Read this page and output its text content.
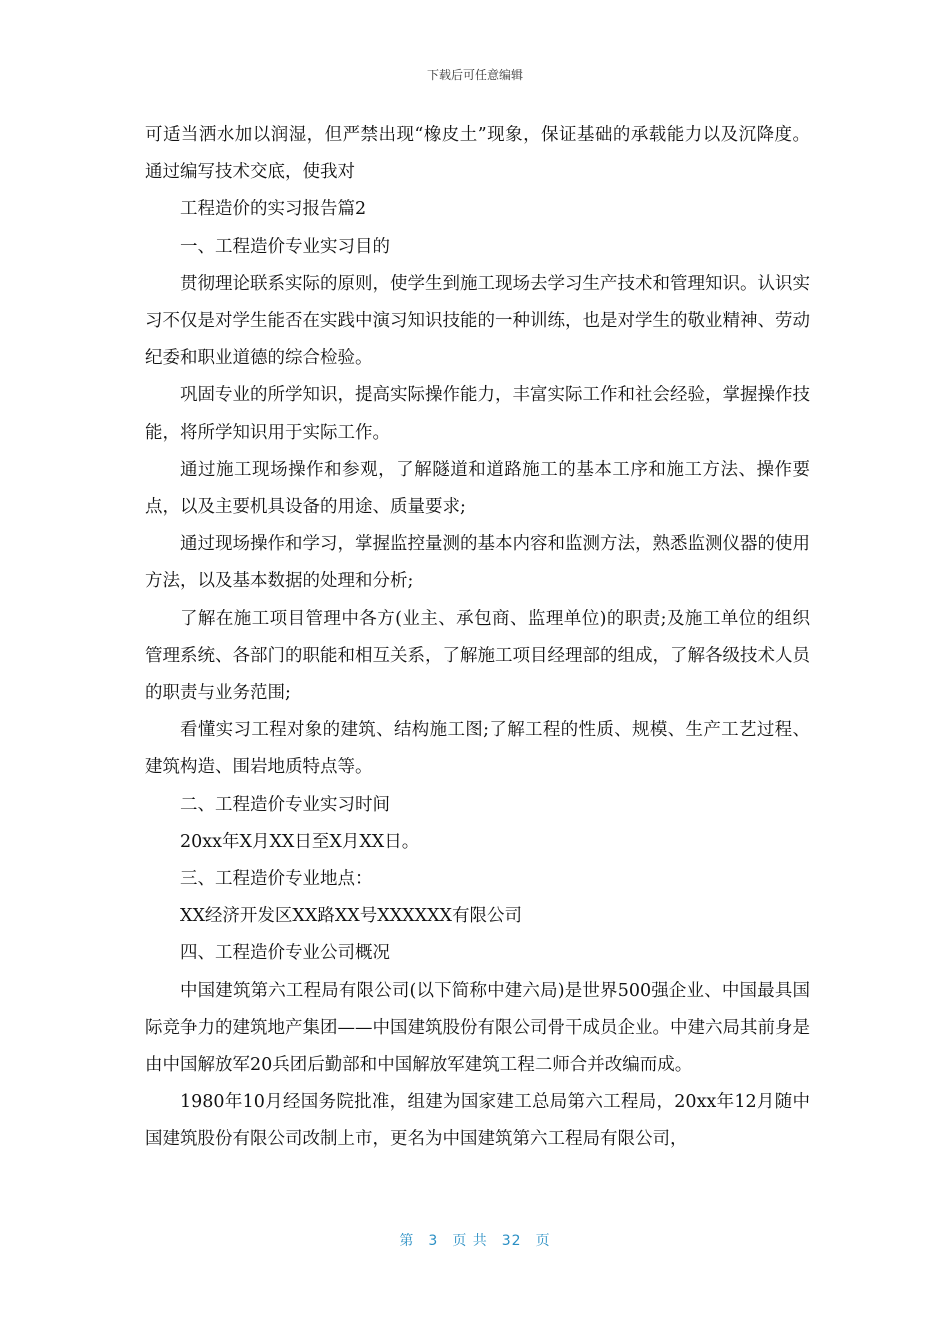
下载后可任意编辑

可适当洒水加以润湿，但严禁出现“橡皮土”现象，保证基础的承载能力以及沉降度。通过编写技术交底，使我对

工程造价的实习报告篇2

一、工程造价专业实习目的

贯彻理论联系实际的原则，使学生到施工现场去学习生产技术和管理知识。认识实习不仅是对学生能否在实践中演习知识技能的一种训练，也是对学生的敬业精神、劳动纪委和职业道德的综合检验。

巩固专业的所学知识，提高实际操作能力，丰富实际工作和社会经验，掌握操作技能，将所学知识用于实际工作。

通过施工现场操作和参观，了解隧道和道路施工的基本工序和施工方法、操作要点，以及主要机具设备的用途、质量要求;

通过现场操作和学习，掌握监控量测的基本内容和监测方法，熟悉监测仪器的使用方法，以及基本数据的处理和分析;

了解在施工项目管理中各方(业主、承包商、监理单位)的职责;及施工单位的组织管理系统、各部门的职能和相互关系，了解施工项目经理部的组成，了解各级技术人员的职责与业务范围;

看懂实习工程对象的建筑、结构施工图;了解工程的性质、规模、生产工艺过程、建筑构造、围岩地质特点等。

二、工程造价专业实习时间

20xx年X月XX日至X月XX日。

三、工程造价专业地点：

XX经济开发区XX路XX号XXXXXX有限公司

四、工程造价专业公司概况

中国建筑第六工程局有限公司(以下简称中建六局)是世界500强企业、中国最具国际竞争力的建筑地产集团——中国建筑股份有限公司骨干成员企业。中建六局其前身是由中国解放军20兵团后勤部和中国解放军建筑工程二师合并改编而成。

1980年10月经国务院批准，组建为国家建工总局第六工程局，20xx年12月随中国建筑股份有限公司改制上市，更名为中国建筑第六工程局有限公司，

第 3 页 共 32 页
